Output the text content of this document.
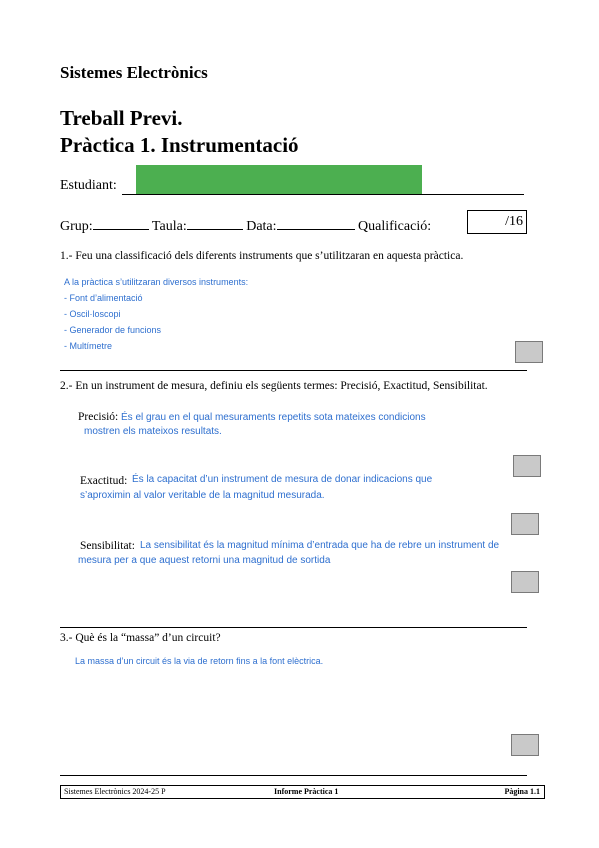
Sistemes Electrònics
Treball Previ.
Pràctica 1. Instrumentació
Estudiant:
Grup:	Taula:	Data:	Qualificació:	/16
1.- Feu una classificació dels diferents instruments que s’utilitzaran en aquesta pràctica.
A la pràctica s’utilitzaran diversos instruments:
- Font d’alimentació
- Oscil·loscopi
- Generador de funcions
- Multímetre
2.- En un instrument de mesura, definiu els següents termes: Precisió, Exactitud, Sensibilitat.
Precisió: És el grau en el qual mesuraments repetits sota mateixes condicions
mostren els mateixos resultats.
Exactitud: És la capacitat d’un instrument de mesura de donar indicacions que
s’aproximin al valor veritable de la magnitud mesurada.
Sensibilitat: La sensibilitat és la magnitud mínima d’entrada que ha de rebre un instrument de
mesura per a que aquest retorni una magnitud de sortida
3.- Què és la “massa” d’un circuit?
La massa d’un circuit és la via de retorn fins a la font elèctrica.
Sistemes Electrònics 2024-25 P	Informe Pràctica 1	Pàgina 1.1
